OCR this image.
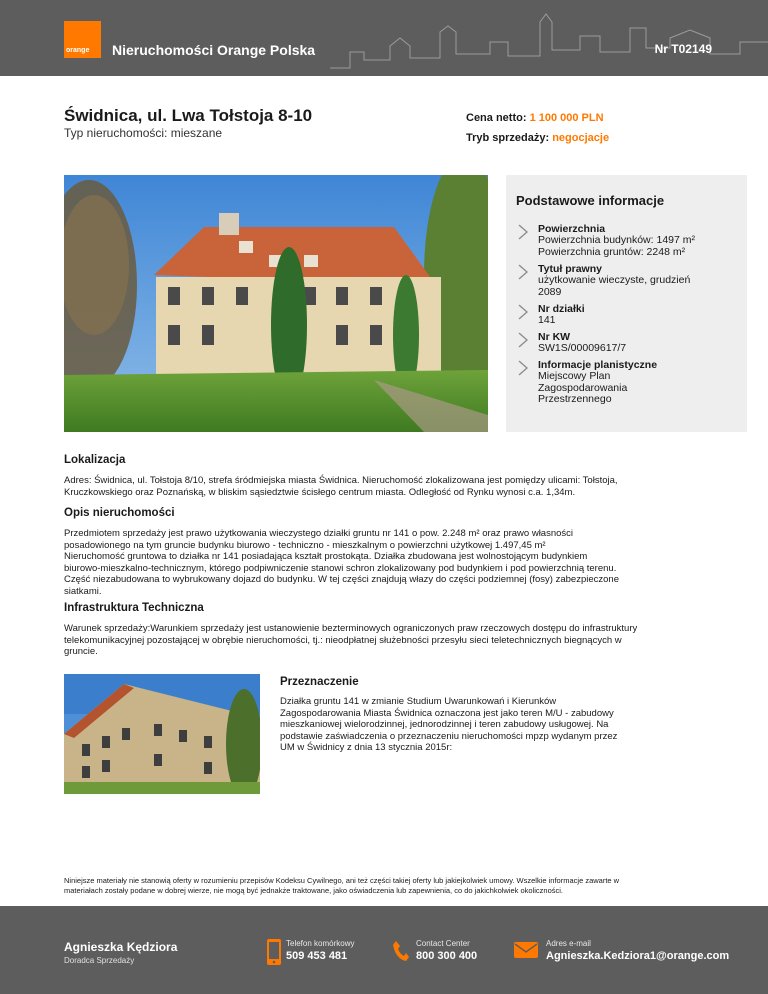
orange Nieruchomości Orange Polska	Nr T02149
Świdnica, ul. Lwa Tołstoja 8-10
Typ nieruchomości: mieszane
Cena netto: 1 100 000 PLN
Tryb sprzedaży: negocjacje
Podstawowe informacje
Powierzchnia
Powierzchnia budynków: 1497 m²
Powierzchnia gruntów: 2248 m²
Tytuł prawny
użytkowanie wieczyste, grudzień
2089
Nr działki
141
Nr KW
SW1S/00009617/7
Informacje planistyczne
Miejscowy Plan
Zagospodarowania
Przestrzennego
Lokalizacja
Adres: Świdnica, ul. Tołstoja 8/10, strefa śródmiejska miasta Świdnica. Nieruchomość zlokalizowana jest pomiędzy ulicami: Tołstoja,
Kruczkowskiego oraz Poznańską, w bliskim sąsiedztwie ścisłego centrum miasta. Odległość od Rynku wynosi c.a. 1,34m.
Opis nieruchomości
Przedmiotem sprzedaży jest prawo użytkowania wieczystego działki gruntu nr 141 o pow. 2.248 m² oraz prawo własności
posadowionego na tym gruncie budynku biurowo - techniczno - mieszkalnym o powierzchni użytkowej 1.497,45 m²
Nieruchomość gruntowa to działka nr 141 posiadająca kształt prostokąta. Działka zbudowana jest wolnostojącym budynkiem
biurowo-mieszkalno-technicznym, którego podpiwniczenie stanowi schron zlokalizowany pod budynkiem i pod powierzchnią terenu.
Część niezabudowana to wybrukowany dojazd do budynku. W tej części znajdują włazy do części podziemnej (fosy) zabezpieczone
siatkami.
Infrastruktura Techniczna
Warunek sprzedaży:Warunkiem sprzedaży jest ustanowienie bezterminowych ograniczonych praw rzeczowych dostępu do infrastruktury
telekomunikacyjnej pozostającej w obrębie nieruchomości, tj.: nieodpłatnej służebności przesyłu sieci teletechnicznych biegnących w
gruncie.
Przeznaczenie
Działka gruntu 141 w zmianie Studium Uwarunkowań i Kierunków
Zagospodarowania Miasta Świdnica oznaczona jest jako teren M/U - zabudowy
mieszkaniowej wielorodzinnej, jednorodzinnej i teren zabudowy usługowej. Na
podstawie zaświadczenia o przeznaczeniu nieruchomości mpzp wydanym przez
UM w Świdnicy z dnia 13 stycznia 2015r:
Niniejsze materiały nie stanowią oferty w rozumieniu przepisów Kodeksu Cywilnego, ani też części takiej oferty lub jakiejkolwiek umowy. Wszelkie informacje zawarte w
materiałach zostały podane w dobrej wierze, nie mogą być jednakże traktowane, jako oświadczenia lub zapewnienia, co do jakichkolwiek okoliczności.
Agnieszka Kędziora
Doradca Sprzedaży
Telefon komórkowy
509 453 481
Contact Center
800 300 400
Adres e-mail
Agnieszka.Kedziora1@orange.com
